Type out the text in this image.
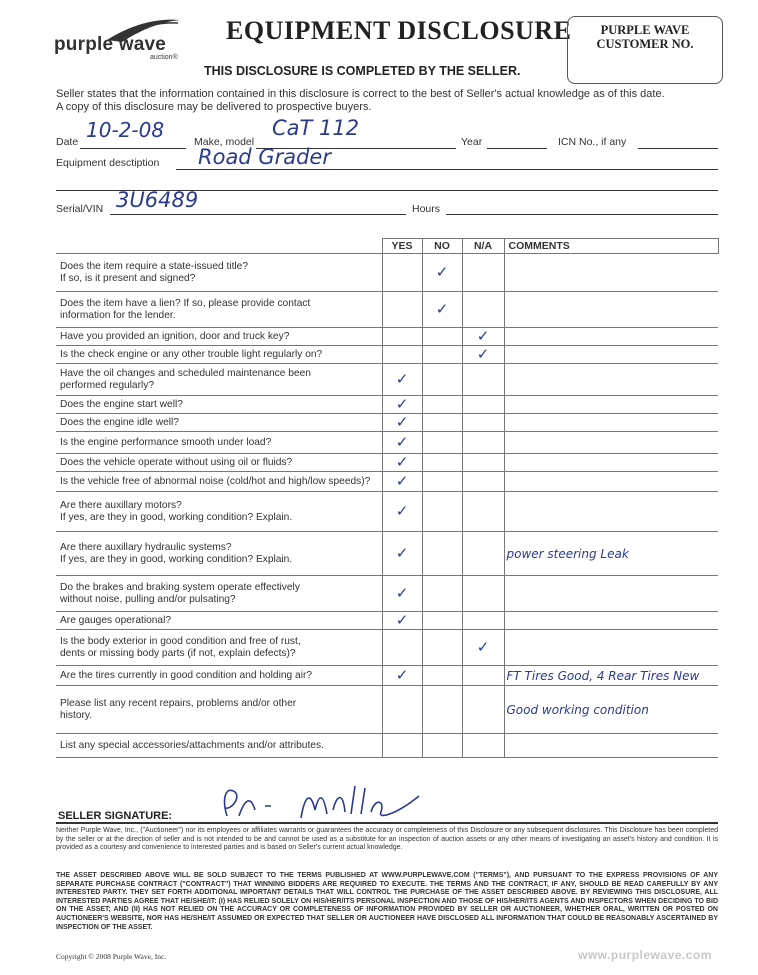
purple wave
auction®
EQUIPMENT DISCLOSURE
THIS DISCLOSURE IS COMPLETED BY THE SELLER.
PURPLE WAVE
CUSTOMER NO.
Seller states that the information contained in this disclosure is correct to the best of Seller's actual knowledge as of this date.
A copy of this disclosure may be delivered to prospective buyers.
Date 10-2-08	Make, model
CaT 112
Year	ICN No., if any
Equipment desctiption Road Grader
Serial/VIN 3U6489	Hours
	YES	NO	N/A	COMMENTS
Does the item require a state-issued title?
If so, is it present and signed?		✓		
Does the item have a lien? If so, please provide contact
information for the lender.		✓		
Have you provided an ignition, door and truck key?			✓	
Is the check engine or any other trouble light regularly on?			✓	
Have the oil changes and scheduled maintenance been
performed regularly?	✓			
Does the engine start well?	✓			
Does the engine idle well?	✓			
Is the engine performance smooth under load?	✓			
Does the vehicle operate without using oil or fluids?	✓			
Is the vehicle free of abnormal noise (cold/hot and high/low speeds)?	✓			
Are there auxillary motors?
If yes, are they in good, working condition? Explain.	✓			
Are there auxillary hydraulic systems?
If yes, are they in good, working condition? Explain.	✓			power steering Leak
Do the brakes and braking system operate effectively
without noise, pulling and/or pulsating?	✓			
Are gauges operational?	✓			
Is the body exterior in good condition and free of rust,
dents or missing body parts (if not, explain defects)?			✓	
Are the tires currently in good condition and holding air?	✓			FT Tires Good, 4 Rear Tires New
Please list any recent repairs, problems and/or other
history.				Good working condition
List any special accessories/attachments and/or attributes.				
SELLER SIGNATURE:
Neither Purple Wave, Inc., ("Auctioneer") nor its employees or affiliates warrants or guarantees the accuracy or completeness of this Disclosure or any subsequent disclosures. This Disclosure has been completed by the seller or at the direction of seller and is not intended to be and cannot be used as a substitute for an inspection of auction assets or any other means of investigating an asset's history and condition. It is provided as a courtesy and convenience to interested parties and is based on Seller's current actual knowledge.
THE ASSET DESCRIBED ABOVE WILL BE SOLD SUBJECT TO THE TERMS PUBLISHED AT WWW.PURPLEWAVE.COM ("TERMS"), AND PURSUANT TO THE EXPRESS PROVISIONS OF ANY SEPARATE PURCHASE CONTRACT ("CONTRACT") THAT WINNING BIDDERS ARE REQUIRED TO EXECUTE. THE TERMS AND THE CONTRACT, IF ANY, SHOULD BE READ CAREFULLY BY ANY INTERESTED PARTY. THEY SET FORTH ADDITIONAL IMPORTANT DETAILS THAT WILL CONTROL THE PURCHASE OF THE ASSET DESCRIBED ABOVE. BY REVIEWING THIS DISCLOSURE, ALL INTERESTED PARTIES AGREE THAT HE/SHE/IT: (I) HAS RELIED SOLELY ON HIS/HER/ITS PERSONAL INSPECTION AND THOSE OF HIS/HER/ITS AGENTS AND INSPECTORS WHEN DECIDING TO BID ON THE ASSET; AND (II) HAS NOT RELIED ON THE ACCURACY OR COMPLETENESS OF INFORMATION PROVIDED BY SELLER OR AUCTIONEER, WHETHER ORAL, WRITTEN OR POSTED ON AUCTIONEER'S WEBSITE, NOR HAS HE/SHE/IT ASSUMED OR EXPECTED THAT SELLER OR AUCTIONEER HAVE DISCLOSED ALL INFORMATION THAT COULD BE REASONABLY ASCERTAINED BY INSPECTION OF THE ASSET.
Copyright © 2008 Purple Wave, Inc.	www.purplewave.com
